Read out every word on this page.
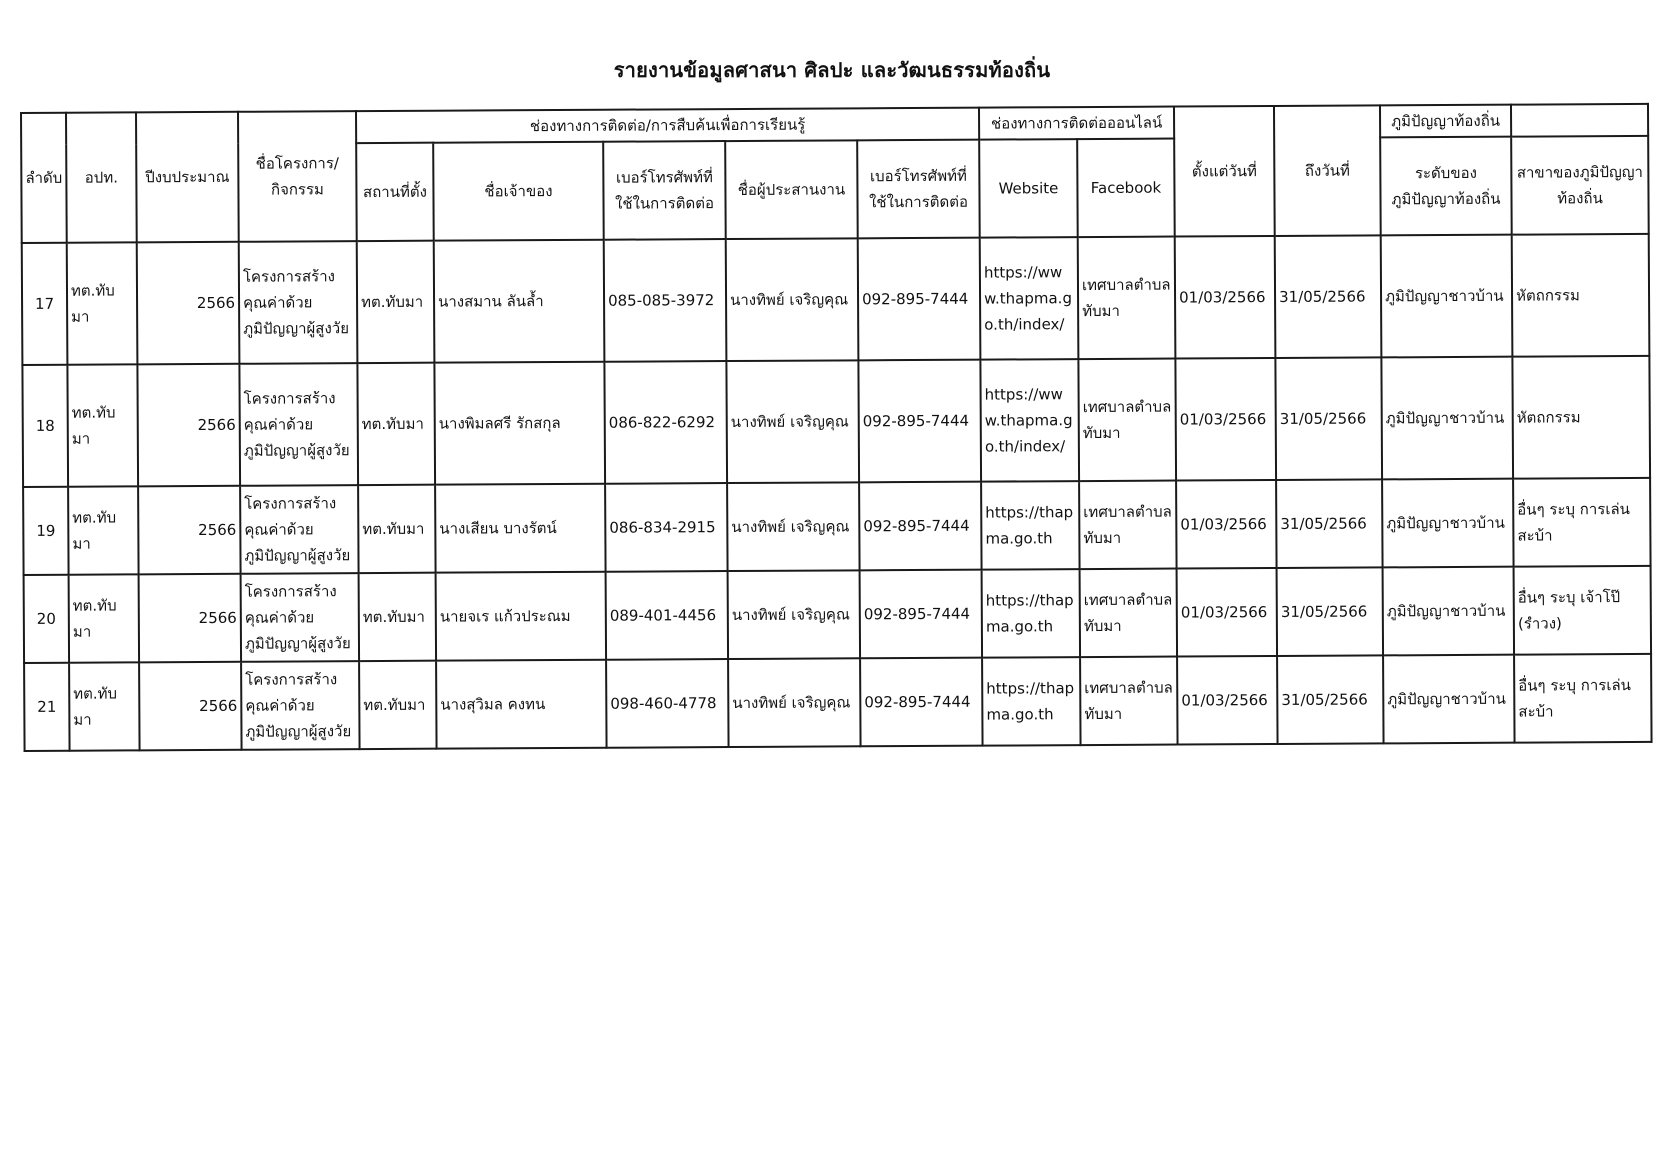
รายงานข้อมูลศาสนา ศิลปะ และวัฒนธรรมท้องถิ่น
ลำดับ	อปท.	ปีงบประมาณ	ชื่อโครงการ/กิจกรรม	ช่องทางการติดต่อ/การสืบค้นเพื่อการเรียนรู้					ช่องทางการติดต่อออนไลน์		ตั้งแต่วันที่	ถึงวันที่	ภูมิปัญญาท้องถิ่น	
				สถานที่ตั้ง	ชื่อเจ้าของ	เบอร์โทรศัพท์ที่ใช้ในการติดต่อ	ชื่อผู้ประสานงาน	เบอร์โทรศัพท์ที่ใช้ในการติดต่อ	Website	Facebook			ระดับของภูมิปัญญาท้องถิ่น	สาขาของภูมิปัญญาท้องถิ่น
17	ทต.ทับมา	2566	โครงการสร้างคุณค่าด้วยภูมิปัญญาผู้สูงวัย	ทต.ทับมา	นางสมาน ลันล้ำ	085-085-3972	นางทิพย์ เจริญคุณ	092-895-7444	https://www.thapma.go.th/index/	เทศบาลตำบลทับมา	01/03/2566	31/05/2566	ภูมิปัญญาชาวบ้าน	หัตถกรรม
18	ทต.ทับมา	2566	โครงการสร้างคุณค่าด้วยภูมิปัญญาผู้สูงวัย	ทต.ทับมา	นางพิมลศรี รักสกุล	086-822-6292	นางทิพย์ เจริญคุณ	092-895-7444	https://www.thapma.go.th/index/	เทศบาลตำบลทับมา	01/03/2566	31/05/2566	ภูมิปัญญาชาวบ้าน	หัตถกรรม
19	ทต.ทับมา	2566	โครงการสร้างคุณค่าด้วยภูมิปัญญาผู้สูงวัย	ทต.ทับมา	นางเสียน บางรัตน์	086-834-2915	นางทิพย์ เจริญคุณ	092-895-7444	https://thapma.go.th	เทศบาลตำบลทับมา	01/03/2566	31/05/2566	ภูมิปัญญาชาวบ้าน	อื่นๆ ระบุ การเล่นสะบ้า
20	ทต.ทับมา	2566	โครงการสร้างคุณค่าด้วยภูมิปัญญาผู้สูงวัย	ทต.ทับมา	นายจเร แก้วประณม	089-401-4456	นางทิพย์ เจริญคุณ	092-895-7444	https://thapma.go.th	เทศบาลตำบลทับมา	01/03/2566	31/05/2566	ภูมิปัญญาชาวบ้าน	อื่นๆ ระบุ เจ้าโป๊ (รำวง)
21	ทต.ทับมา	2566	โครงการสร้างคุณค่าด้วยภูมิปัญญาผู้สูงวัย	ทต.ทับมา	นางสุวิมล คงทน	098-460-4778	นางทิพย์ เจริญคุณ	092-895-7444	https://thapma.go.th	เทศบาลตำบลทับมา	01/03/2566	31/05/2566	ภูมิปัญญาชาวบ้าน	อื่นๆ ระบุ การเล่นสะบ้า
